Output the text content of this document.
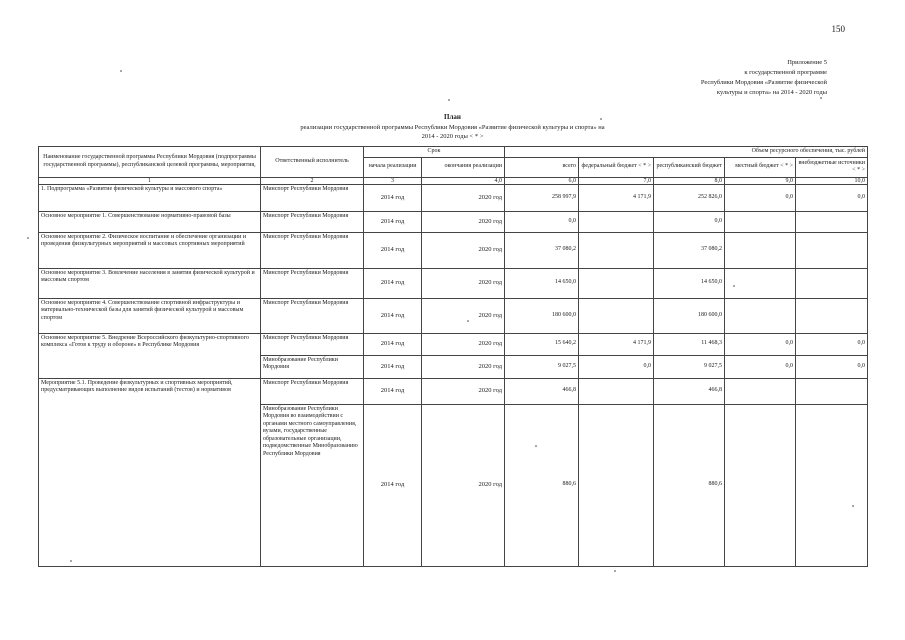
150
Приложение 5
к государственной программе
Республики Мордовия «Развитие физической
культуры и спорта» на 2014 - 2020 годы
План
реализации государственной программы Республики Мордовия «Развитие физической культуры и спорта» на
2014 - 2020 годы < * >
Наименование государственной программы Республики Мордовия (подпрограммы государственной программы), республиканской целевой программы, мероприятия,	Ответственный исполнитель	Срок		Объем ресурсного обеспечения, тыс. рублей				
		начала реализации	окончания реализации	всего	федеральный бюджет < * >	республиканский бюджет	местный бюджет < * >	внебюджетные источники < * >
1	2	3	4,0	6,0	7,0	8,0	9,0	10,0
1. Подпрограмма «Развитие физической культуры и массового спорта»	Минспорт Республики Мордовия	2014 год	2020 год	258 997,9	4 171,9	252 826,0	0,0	0,0
Основное мероприятие 1. Совершенствование нормативно-правовой базы	Минспорт Республики Мордовия	2014 год	2020 год	0,0		0,0		
Основное мероприятие 2. Физическое воспитание и обеспечение организации и проведения физкультурных мероприятий и массовых спортивных мероприятий	Минспорт Республики Мордовия	2014 год	2020 год	37 080,2		37 080,2		
Основное мероприятие 3. Вовлечение населения в занятия физической культурой и массовым спортом	Минспорт Республики Мордовия	2014 год	2020 год	14 650,0		14 650,0		
Основное мероприятие 4. Совершенствование спортивной инфраструктуры и материально-технической базы для занятий физической культурой и массовым спортом	Минспорт Республики Мордовия	2014 год	2020 год	180 600,0		180 600,0		
Основное мероприятие 5. Внедрение Всероссийского физкультурно-спортивного комплекса «Готов к труду и обороне» в Республике Мордовия	Минспорт Республики Мордовия	2014 год	2020 год	15 640,2	4 171,9	11 468,3	0,0	0,0
	Минобразование Республики Мордовия	2014 год	2020 год	9 027,5	0,0	9 027,5	0,0	0,0
Мероприятие 5.1. Проведение физкультурных и спортивных мероприятий, предусматривающих выполнение видов испытаний (тестов) и нормативов	Минспорт Республики Мордовия	2014 год	2020 год	466,8		466,8		
	Минобразование Республики Мордовия во взаимодействии с органами местного самоуправления, вузами, государственные образовательные организации, подведомственные Минобразованию Республики Мордовия	2014 год	2020 год	880,6		880,6		
